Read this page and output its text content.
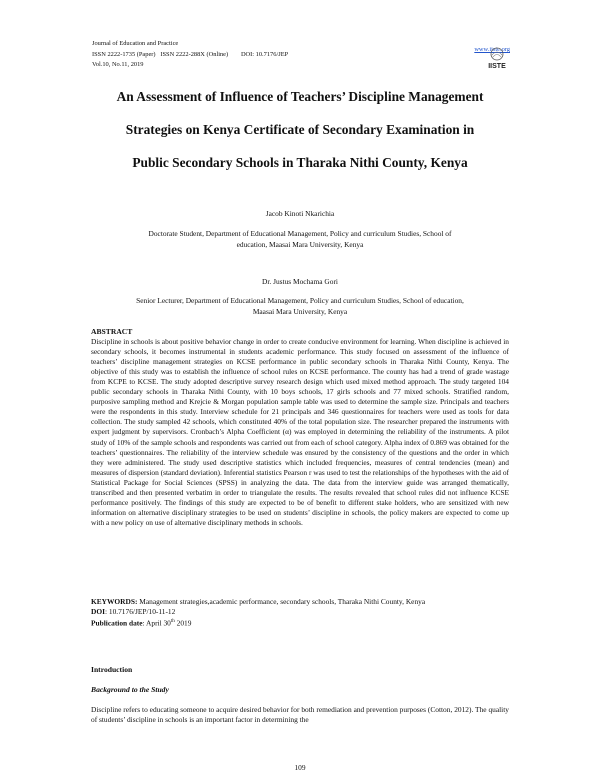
Journal of Education and Practice
ISSN 2222-1735 (Paper) ISSN 2222-288X (Online) DOI: 10.7176/JEP
Vol.10, No.11, 2019
www.iiste.org
IISTE
An Assessment of Influence of Teachers’ Discipline Management
Strategies on Kenya Certificate of Secondary Examination in
Public Secondary Schools in Tharaka Nithi County, Kenya
Jacob Kinoti Nkarichia
Doctorate Student, Department of Educational Management, Policy and curriculum Studies, School of
education, Maasai Mara University, Kenya
Dr. Justus Mochama Gori
Senior Lecturer, Department of Educational Management, Policy and curriculum Studies, School of education,
Maasai Mara University, Kenya
ABSTRACT

Discipline in schools is about positive behavior change in order to create conducive environment for learning. When discipline is achieved in secondary schools, it becomes instrumental in students academic performance. This study focused on assessment of the influence of teachers’ discipline management strategies on KCSE performance in public secondary schools in Tharaka Nithi County, Kenya. The objective of this study was to establish the influence of school rules on KCSE performance. The county has had a trend of grade wastage from KCPE to KCSE. The study adopted descriptive survey research design which used mixed method approach. The study targeted 104 public secondary schools in Tharaka Nithi County, with 10 boys schools, 17 girls schools and 77 mixed schools. Stratified random, purposive sampling method and Krejcie & Morgan population sample table was used to determine the sample size. Principals and teachers were the respondents in this study. Interview schedule for 21 principals and 346 questionnaires for teachers were used as tools for data collection. The study sampled 42 schools, which constituted 40% of the total population size. The researcher prepared the instruments with expert judgment by supervisors. Cronbach’s Alpha Coefficient (α) was employed in determining the reliability of the instruments. A pilot study of 10% of the sample schools and respondents was carried out from each of school category. Alpha index of 0.869 was obtained for the teachers’ questionnaires. The reliability of the interview schedule was ensured by the consistency of the questions and the order in which they were administered. The study used descriptive statistics which included frequencies, measures of central tendencies (mean) and measures of dispersion (standard deviation). Inferential statistics Pearson r was used to test the relationships of the hypotheses with the aid of Statistical Package for Social Sciences (SPSS) in analyzing the data. The data from the interview guide was arranged thematically, transcribed and then presented verbatim in order to triangulate the results. The results revealed that school rules did not influence KCSE performance positively. The findings of this study are expected to be of benefit to different stake holders, who are sensitized with new information on alternative disciplinary strategies to be used on students’ discipline in schools, the policy makers are expected to come up with a new policy on use of alternative disciplinary methods in schools.

KEYWORDS: Management strategies,academic performance, secondary schools, Tharaka Nithi County, Kenya
DOI: 10.7176/JEP/10-11-12
Publication date: April 30th 2019
Introduction
Background to the Study

Discipline refers to educating someone to acquire desired behavior for both remediation and prevention purposes (Cotton, 2012). The quality of students’ discipline in schools is an important factor in determining the

109
